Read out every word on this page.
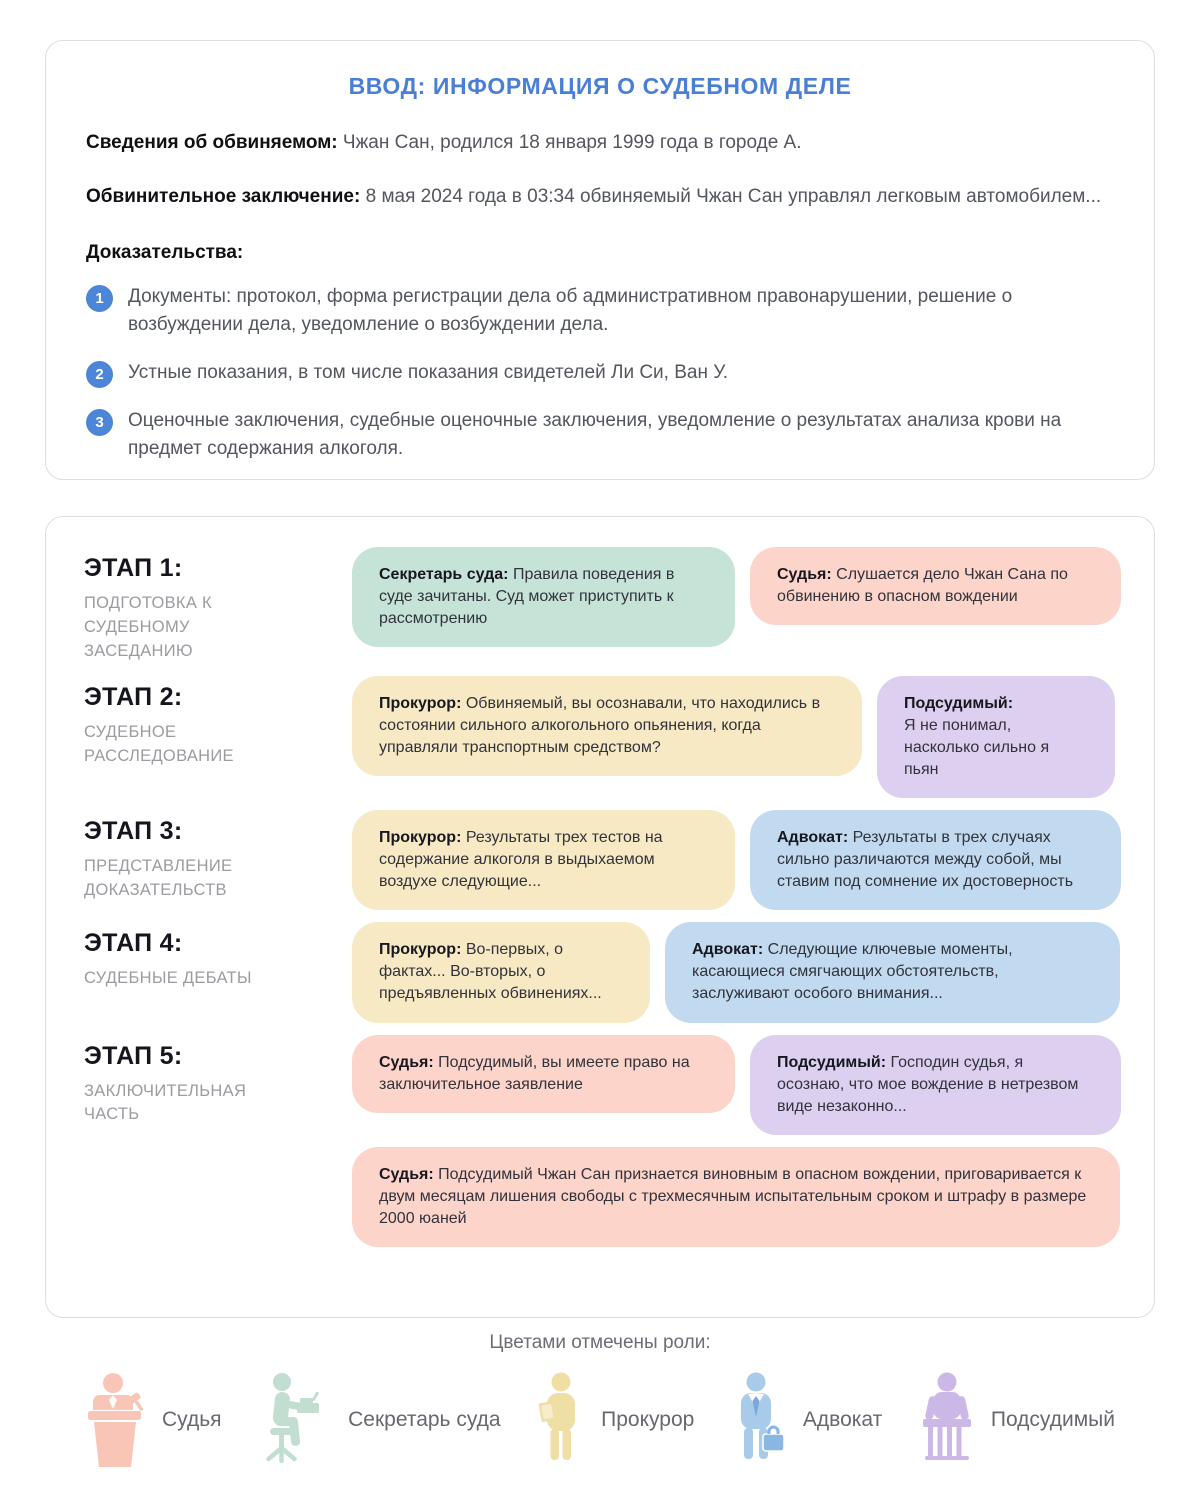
ВВОД: ИНФОРМАЦИЯ О СУДЕБНОМ ДЕЛЕ

Сведения об обвиняемом: Чжан Сан, родился 18 января 1999 года в городе А.

Обвинительное заключение: 8 мая 2024 года в 03:34 обвиняемый Чжан Сан управлял легковым автомобилем...

Доказательства:
1	Документы: протокол, форма регистрации дела об административном правонарушении, решение о возбуждении дела, уведомление о возбуждении дела.
2	Устные показания, в том числе показания свидетелей Ли Си, Ван У.
3	Оценочные заключения, судебные оценочные заключения, уведомление о результатах анализа крови на предмет содержания алкоголя.
ЭТАП 1:
ПОДГОТОВКА К СУДЕБНОМУ ЗАСЕДАНИЮ
Секретарь суда: Правила поведения в суде зачитаны. Суд может приступить к рассмотрению
Судья: Слушается дело Чжан Сана по обвинению в опасном вождении
ЭТАП 2:
СУДЕБНОЕ РАССЛЕДОВАНИЕ
Прокурор: Обвиняемый, вы осознавали, что находились в состоянии сильного алкогольного опьянения, когда управляли транспортным средством?
Подсудимый:
Я не понимал, насколько сильно я пьян
ЭТАП 3:
ПРЕДСТАВЛЕНИЕ ДОКАЗАТЕЛЬСТВ
Прокурор: Результаты трех тестов на содержание алкоголя в выдыхаемом воздухе следующие...
Адвокат: Результаты в трех случаях сильно различаются между собой, мы ставим под сомнение их достоверность
ЭТАП 4:
СУДЕБНЫЕ ДЕБАТЫ
Прокурор: Во-первых, о фактах... Во-вторых, о предъявленных обвинениях...
Адвокат: Следующие ключевые моменты, касающиеся смягчающих обстоятельств, заслуживают особого внимания...
ЭТАП 5:
ЗАКЛЮЧИТЕЛЬНАЯ ЧАСТЬ
Судья: Подсудимый, вы имеете право на заключительное заявление
Подсудимый: Господин судья, я осознаю, что мое вождение в нетрезвом виде незаконно...
Судья: Подсудимый Чжан Сан признается виновным в опасном вождении, приговаривается к двум месяцам лишения свободы с трехмесячным испытательным сроком и штрафу в размере 2000 юаней
Цветами отмечены роли:
Судья	Секретарь суда	Прокурор	Адвокат	Подсудимый
